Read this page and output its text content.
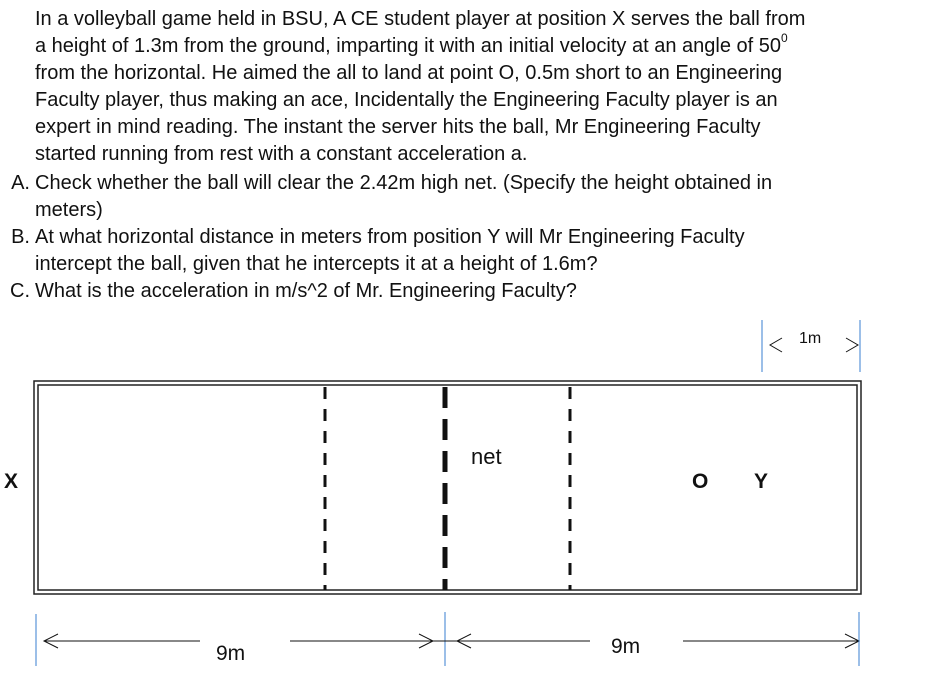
In a volleyball game held in BSU, A CE student player at position X serves the ball from

a height of 1.3m from the ground, imparting it with an initial velocity at an angle of $50^0$

from the horizontal. He aimed the all to land at point O, 0.5m short to an Engineering

Faculty player, thus making an ace, Incidentally the Engineering Faculty player is an

expert in mind reading. The instant the server hits the ball, Mr Engineering Faculty

started running from rest with a constant acceleration a.

A. Check whether the ball will clear the 2.42m high net. (Specify the height obtained in
meters)
B. At what horizontal distance in meters from position Y will Mr Engineering Faculty
intercept the ball, given that he intercepts it at a height of 1.6m?
C. What is the acceleration in m/s^2 of Mr. Engineering Faculty?
X	O Y
net
1m
9m	9m
